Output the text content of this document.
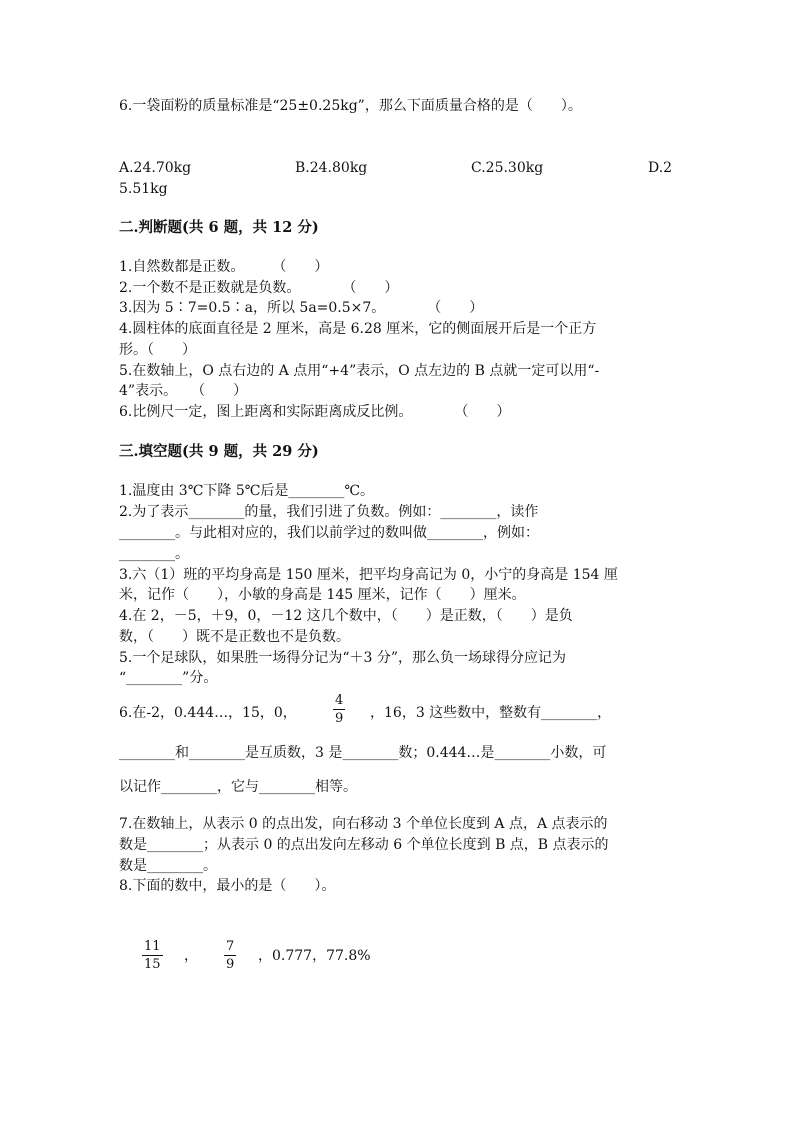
6.一袋面粉的质量标准是“25±0.25kg”，那么下面质量合格的是（　　）。
A.24.70kg	B.24.80kg	C.25.30kg	D.2
5.51kg
二.判断题(共 6 题，共 12 分)
1.自然数都是正数。　　　（　　）
2.一个数不是正数就是负数。　　　　（　　）
3.因为 5∶7=0.5∶a，所以 5a=0.5×7。　　　　（　　）
4.圆柱体的底面直径是 2 厘米，高是 6.28 厘米，它的侧面展开后是一个正方
形。（　　）
5.在数轴上，O 点右边的 A 点用“+4”表示，O 点左边的 B 点就一定可以用“-
4”表示。　　（　　）
6.比例尺一定，图上距离和实际距离成反比例。　　　　（　　）
三.填空题(共 9 题，共 29 分)
1.温度由 3℃下降 5℃后是________℃。
2.为了表示________的量，我们引进了负数。例如：________，读作
________。与此相对应的，我们以前学过的数叫做________，例如：
________。
3.六（1）班的平均身高是 150 厘米，把平均身高记为 0，小宁的身高是 154 厘
米，记作（　　），小敏的身高是 145 厘米，记作（　　）厘米。
4.在 2，－5，＋9，0，－12 这几个数中，（　　）是正数，（　　）是负
数，（　　）既不是正数也不是负数。
5.一个足球队，如果胜一场得分记为“＋3 分”，那么负一场球得分应记为
“________”分。
6.在-2，0.444…，15，0，
4
9 ，16，3 这些数中，整数有________，
________和________是互质数，3 是________数；0.444…是________小数，可
以记作________，它与________相等。
7.在数轴上，从表示 0 的点出发，向右移动 3 个单位长度到 A 点，A 点表示的
数是________；从表示 0 的点出发向左移动 6 个单位长度到 B 点，B 点表示的
数是________。
8.下面的数中，最小的是（　　）。
11
15
，
7
9
，0.777，77.8%
